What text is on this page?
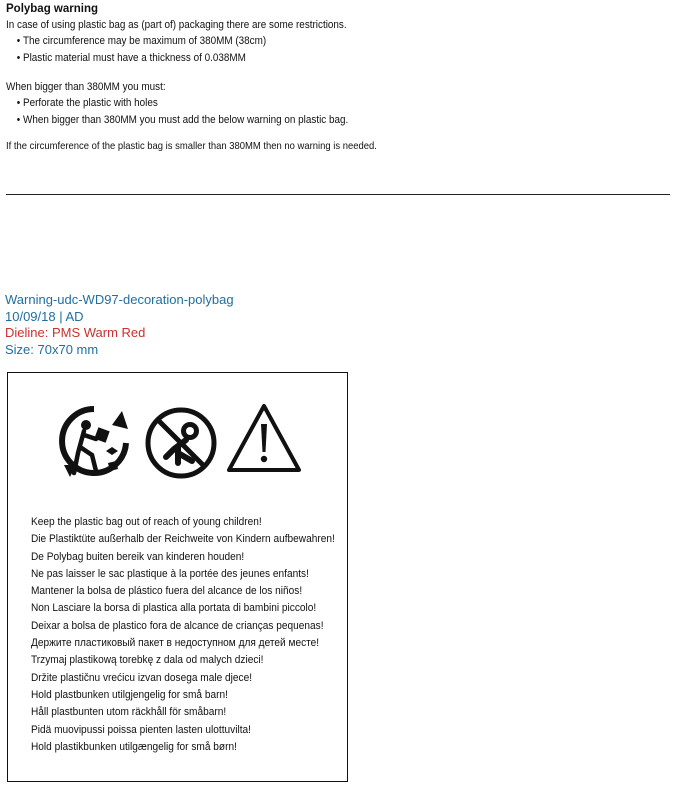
Polybag warning
In case of using plastic bag as (part of) packaging there are some restrictions.
• The circumference may be maximum of 380MM (38cm)
• Plastic material must have a thickness of 0.038MM
When bigger than 380MM you must:
• Perforate the plastic with holes
• When bigger than 380MM you must add the below warning on plastic bag.
If the circumference of the plastic bag is smaller than 380MM then no warning is needed.
Warning-udc-WD97-decoration-polybag
10/09/18 | AD
Dieline: PMS Warm Red
Size: 70x70 mm
Keep the plastic bag out of reach of young children!
Die Plastiktüte außerhalb der Reichweite von Kindern aufbewahren!
De Polybag buiten bereik van kinderen houden!
Ne pas laisser le sac plastique à la portée des jeunes enfants!
Mantener la bolsa de plástico fuera del alcance de los niños!
Non Lasciare la borsa di plastica alla portata di bambini piccolo!
Deixar a bolsa de plastico fora de alcance de crianças pequenas!
Держите пластиковый пакет в недоступном для детей месте!
Trzymaj plastikową torebkę z dala od malych dzieci!
Držite plastičnu vrećicu izvan dosega male djece!
Hold plastbunken utilgjengelig for små barn!
Håll plastbunten utom räckhåll för småbarn!
Pidä muovipussi poissa pienten lasten ulottuvilta!
Hold plastikbunken utilgængelig for små børn!
